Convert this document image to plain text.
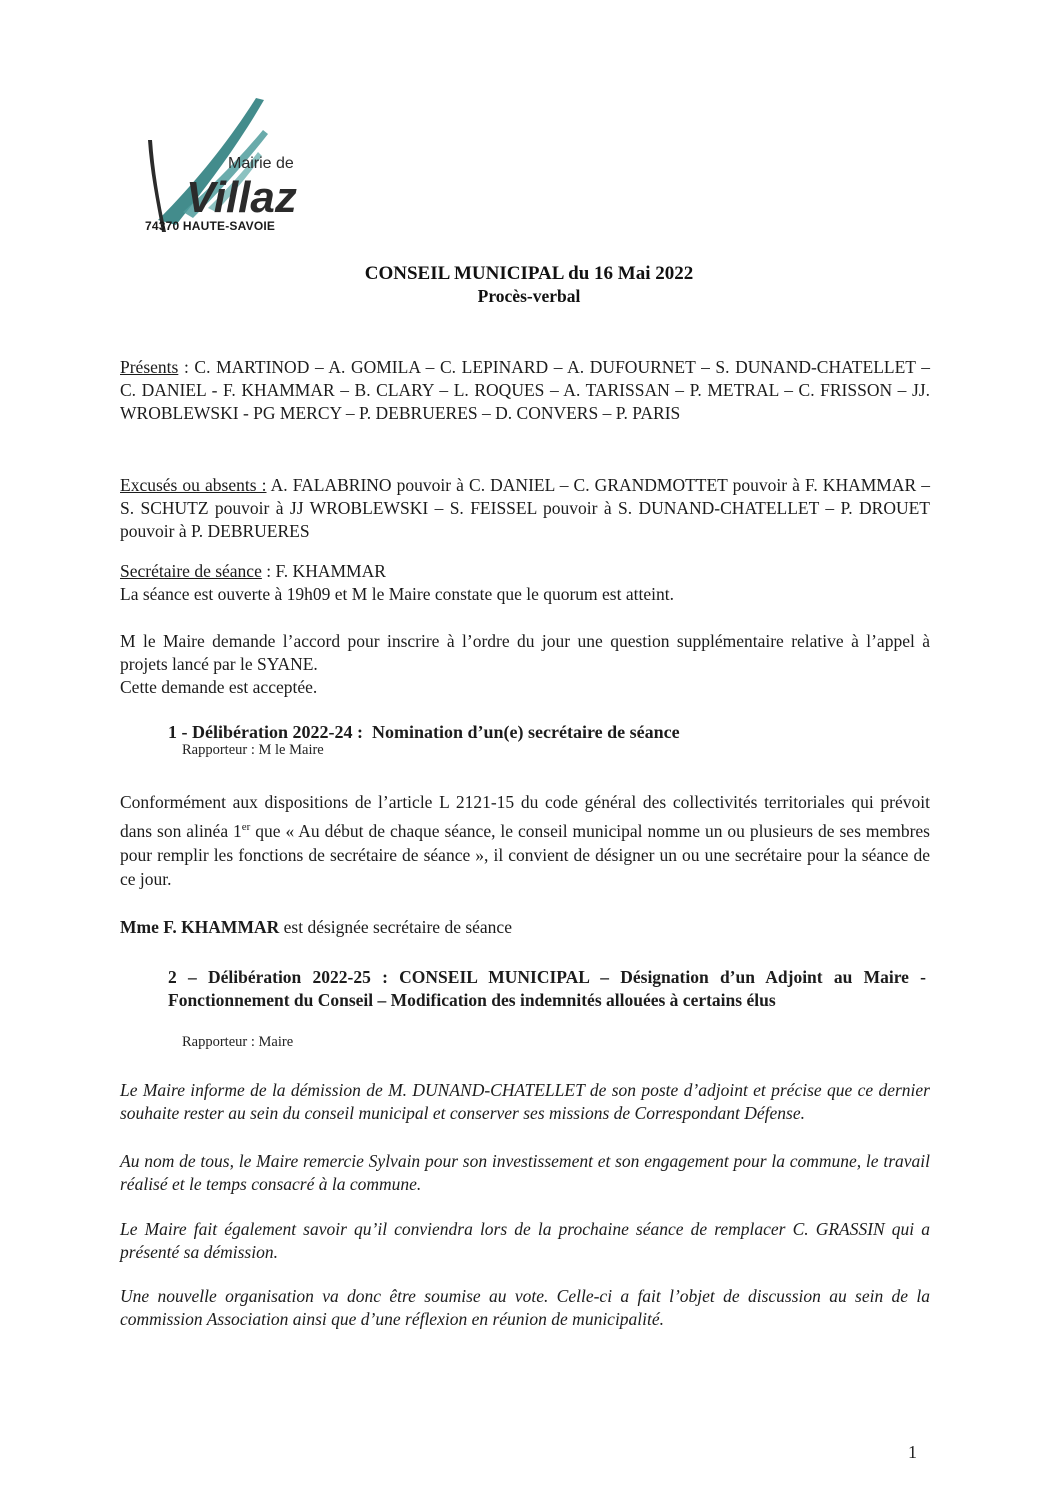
Mairie de
Villaz
74370 HAUTE-SAVOIE
CONSEIL MUNICIPAL du 16 Mai 2022
Procès-verbal
Présents : C. MARTINOD – A. GOMILA – C. LEPINARD – A. DUFOURNET – S. DUNAND-CHATELLET – C. DANIEL - F. KHAMMAR – B. CLARY – L. ROQUES – A. TARISSAN – P. METRAL – C. FRISSON – JJ. WROBLEWSKI - PG MERCY – P. DEBRUERES – D. CONVERS – P. PARIS
Excusés ou absents : A. FALABRINO pouvoir à C. DANIEL – C. GRANDMOTTET pouvoir à F. KHAMMAR – S. SCHUTZ pouvoir à JJ WROBLEWSKI – S. FEISSEL pouvoir à S. DUNAND-CHATELLET – P. DROUET pouvoir à P. DEBRUERES
Secrétaire de séance : F. KHAMMAR
La séance est ouverte à 19h09 et M le Maire constate que le quorum est atteint.
M le Maire demande l’accord pour inscrire à l’ordre du jour une question supplémentaire relative à l’appel à projets lancé par le SYANE.
Cette demande est acceptée.
1 - Délibération 2022-24 : Nomination d’un(e) secrétaire de séance
Rapporteur : M le Maire
Conformément aux dispositions de l’article L 2121-15 du code général des collectivités territoriales qui prévoit dans son alinéa 1er que « Au début de chaque séance, le conseil municipal nomme un ou plusieurs de ses membres pour remplir les fonctions de secrétaire de séance », il convient de désigner un ou une secrétaire pour la séance de ce jour.
Mme F. KHAMMAR est désignée secrétaire de séance
2 – Délibération 2022-25 : CONSEIL MUNICIPAL – Désignation d’un Adjoint au Maire - Fonctionnement du Conseil – Modification des indemnités allouées à certains élus
Rapporteur : Maire
Le Maire informe de la démission de M. DUNAND-CHATELLET de son poste d’adjoint et précise que ce dernier souhaite rester au sein du conseil municipal et conserver ses missions de Correspondant Défense.
Au nom de tous, le Maire remercie Sylvain pour son investissement et son engagement pour la commune, le travail réalisé et le temps consacré à la commune.
Le Maire fait également savoir qu’il conviendra lors de la prochaine séance de remplacer C. GRASSIN qui a présenté sa démission.
Une nouvelle organisation va donc être soumise au vote. Celle-ci a fait l’objet de discussion au sein de la commission Association ainsi que d’une réflexion en réunion de municipalité.
1
